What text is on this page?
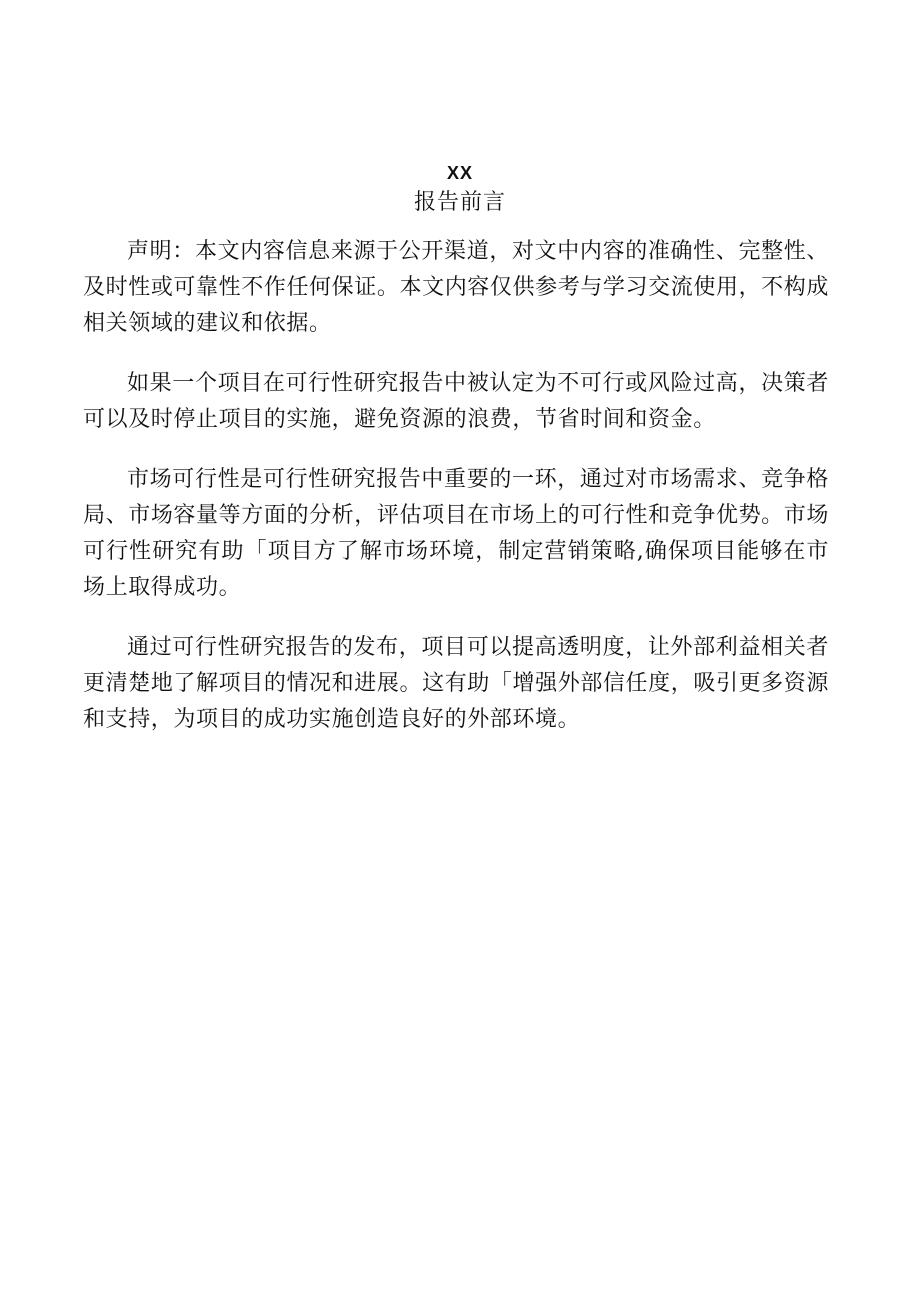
XX
报告前言

声明：本文内容信息来源于公开渠道，对文中内容的准确性、完整性、及时性或可靠性不作任何保证。本文内容仅供参考与学习交流使用，不构成相关领域的建议和依据。

如果一个项目在可行性研究报告中被认定为不可行或风险过高，决策者可以及时停止项目的实施，避免资源的浪费，节省时间和资金。

市场可行性是可行性研究报告中重要的一环，通过对市场需求、竞争格局、市场容量等方面的分析，评估项目在市场上的可行性和竞争优势。市场可行性研究有助「项目方了解市场环境，制定营销策略,确保项目能够在市场上取得成功。

通过可行性研究报告的发布，项目可以提高透明度，让外部利益相关者更清楚地了解项目的情况和进展。这有助「增强外部信任度，吸引更多资源和支持，为项目的成功实施创造良好的外部环境。
